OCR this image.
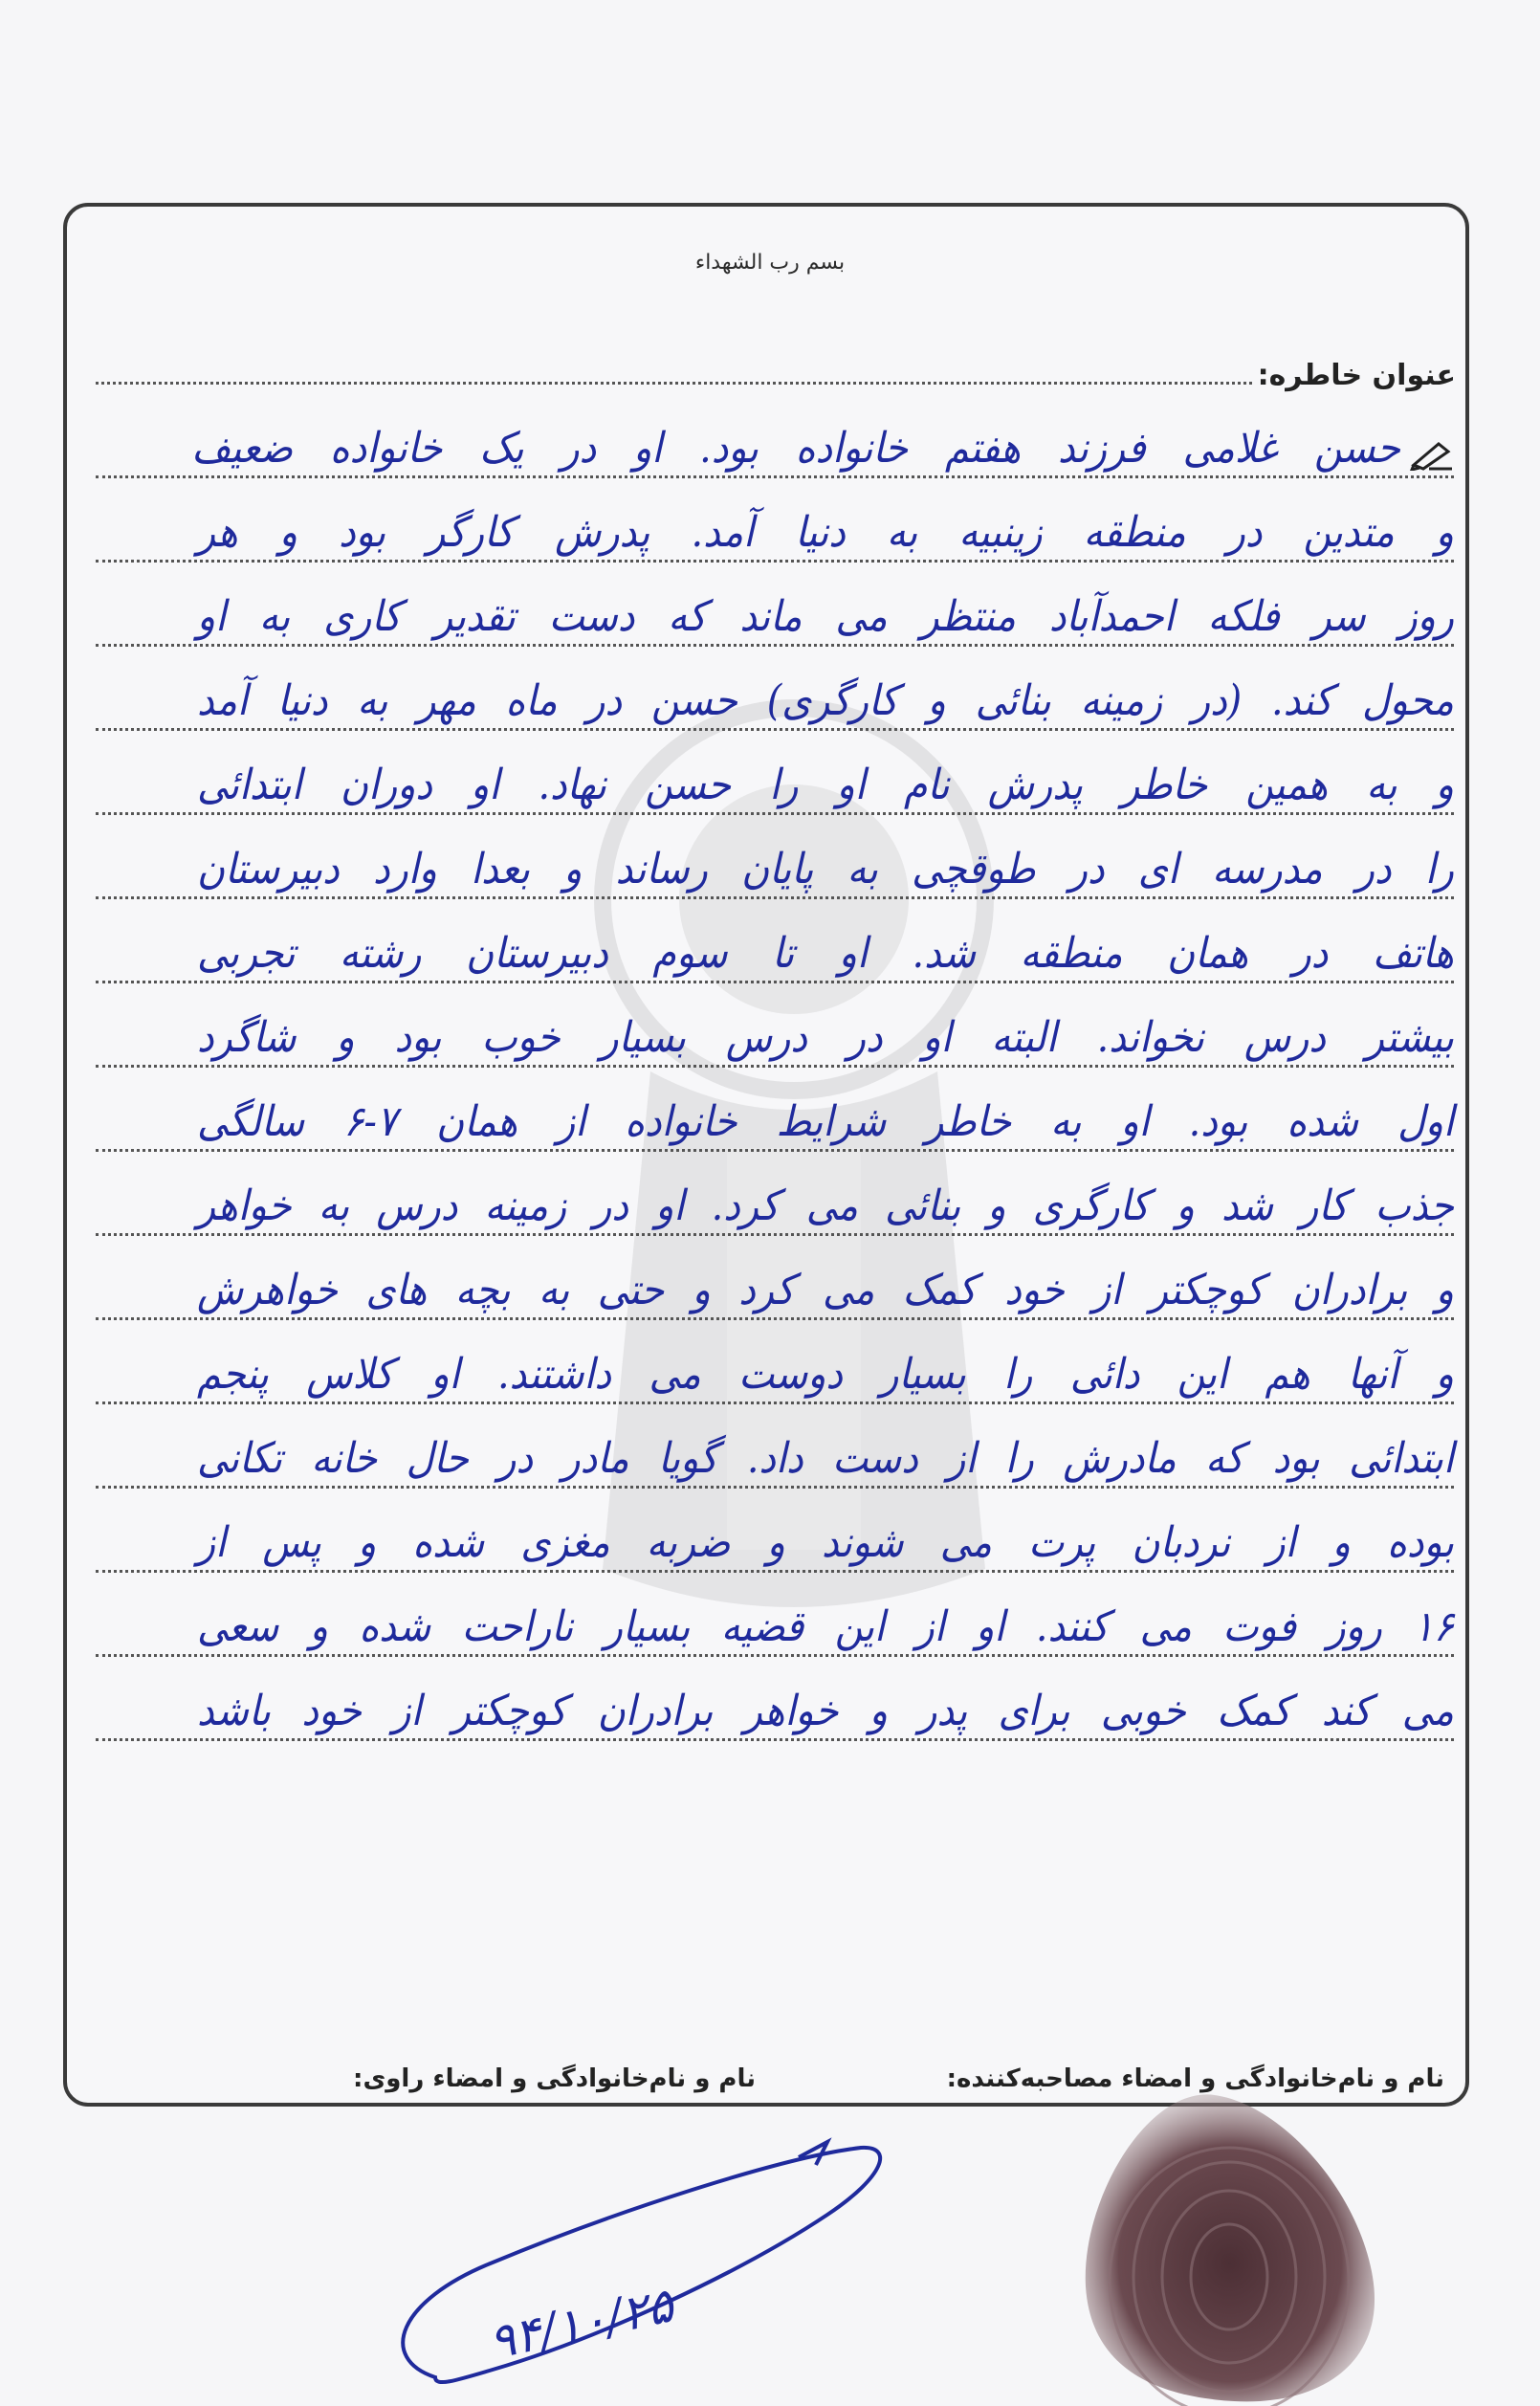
بسم رب الشهداء
عنوان خاطره:
حسن غلامی فرزند هفتم خانواده بود. او در یک خانواده ضعیف
و متدین در منطقه زینبیه به دنیا آمد. پدرش کارگر بود و هر
روز سر فلکه احمدآباد منتظر می ماند که دست تقدیر کاری به او
محول کند. (در زمینه بنائی و کارگری) حسن در ماه مهر به دنیا آمد
و به همین خاطر پدرش نام او را حسن نهاد. او دوران ابتدائی
را در مدرسه ای در طوقچی به پایان رساند و بعدا وارد دبیرستان
هاتف در همان منطقه شد. او تا سوم دبیرستان رشته تجربی
بیشتر درس نخواند. البته او در درس بسیار خوب بود و شاگرد
اول شده بود. او به خاطر شرایط خانواده از همان ۷-۶ سالگی
جذب کار شد و کارگری و بنائی می کرد. او در زمینه درس به خواهر
و برادران کوچکتر از خود کمک می کرد و حتی به بچه های خواهرش
و آنها هم این دائی را بسیار دوست می داشتند. او کلاس پنجم
ابتدائی بود که مادرش را از دست داد. گویا مادر در حال خانه تکانی
بوده و از نردبان پرت می شوند و ضربه مغزی شده و پس از
۱۶ روز فوت می کنند. او از این قضیه بسیار ناراحت شده و سعی
می کند کمک خوبی برای پدر و خواهر برادران کوچکتر از خود باشد
نام و نام‌خانوادگی و امضاء مصاحبه‌کننده:
نام و نام‌خانوادگی و امضاء راوی:
۹۴/۱۰/۲۵
